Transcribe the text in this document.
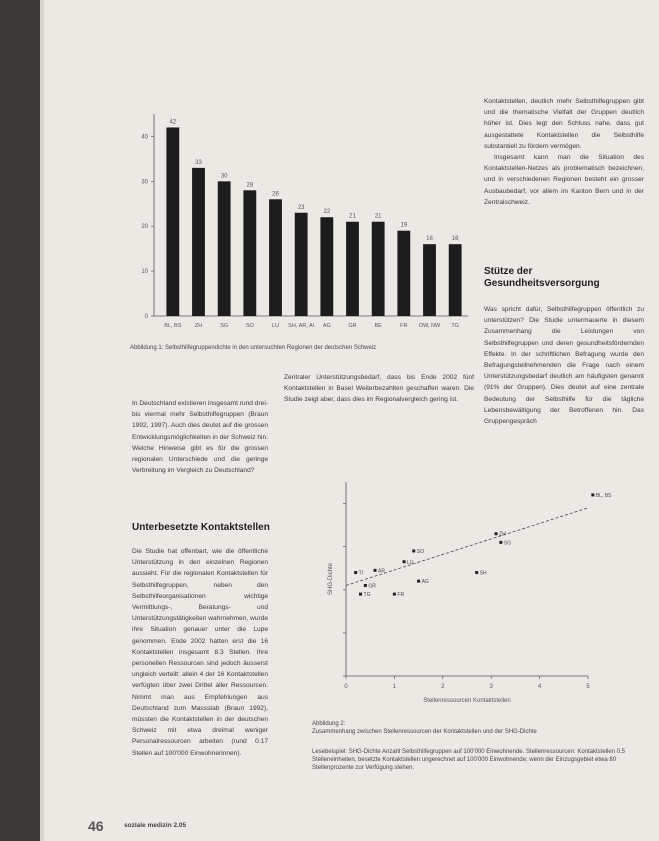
0
10
20
30
40
42
BL, BS
33
ZH
30
SG
28
SO
26
LU
23
SH, AR, AI
22
AG
21
GR
21
BE
19
FR
16
OW, NW
16
TG
Abbildung 1: Selbsthilfegruppendichte in den untersuchten Regionen der deutschen Schweiz

Kontaktstellen, deutlich mehr Selbsthilfegruppen gibt und die thematische Vielfalt der Gruppen deutlich höher ist. Dies legt den Schluss nahe, dass gut ausgestattete Kontaktstellen die Selbsthilfe substantiell zu fördern vermögen.

Insgesamt kann man die Situation des Kontaktstellen-Netzes als problematisch bezeichnen, und in verschiedenen Regionen besteht ein grosser Ausbaubedarf, vor allem im Kanton Bern und in der Zentralschweiz.

Stütze der Gesundheitsversorgung

Was spricht dafür, Selbsthilfegruppen öffentlich zu unterstützen? Die Studie untermauerte in diesem Zusammenhang die Leistungen von Selbsthilfegruppen und deren gesundheitsfördernden Effekte. In der schriftlichen Befragung wurde den Befragungsteilnehmenden die Frage nach einem Unterstützungsbedarf deutlich am häufigsten genannt (91% der Gruppen). Dies deutet auf eine zentrale Bedeutung der Selbsthilfe für die tägliche Lebensbewältigung der Betroffenen hin. Das Gruppengespräch

In Deutschland existieren insgesamt rund drei- bis viermal mehr Selbsthilfegruppen (Braun 1992, 1997). Auch dies deutet auf die grossen Entwicklungsmöglichkeiten in der Schweiz hin. Welche Hinweise gibt es für die grossen regionalen Unterschiede und die geringe Verbreitung im Vergleich zu Deutschland?

Zentraler Unterstützungsbedarf, dass bis Ende 2002 fünf Kontaktstellen in Basel Weiterbezahlten geschaffen waren. Die Studie zeigt aber, dass dies im Regionalvergleich gering ist.

Unterbesetzte Kontaktstellen

Die Studie hat offenbart, wie die öffentliche Unterstützung in den einzelnen Regionen aussieht. Für die regionalen Kontaktstellen für Selbsthilfegruppen, neben den Selbsthilfeorganisationen wichtige Vermittlungs-, Beratungs- und Unterstützungstätigkeiten wahrnehmen, wurde ihre Situation genauer unter die Lupe genommen. Ende 2002 hatten erst die 16 Kontaktstellen insgesamt 8.3 Stellen. Ihre personellen Ressourcen sind jedoch äusserst ungleich verteilt: allein 4 der 16 Kontaktstellen verfügten über zwei Drittel aller Ressourcen. Nimmt man aus Empfehlungen aus Deutschland zum Massstab (Braun 1992), müssten die Kontaktstellen in der deutschen Schweiz mit etwa dreimal weniger Personalressourcen arbeiten (rund 0.17 Stellen auf 100'000 Einwohnerinnen).

0	1	2	3	4	5
Stellenressourcen Kontaktstellen
SHG-Dichte
BL, BS
ZH
SG
SO
LU
SH
AR
TI
AG
GR
FR
TG
Abbildung 2:
Zusammenhang zwischen Stellenressourcen der Kontaktstellen und der SHG-Dichte
Lesebeispiel: SHG-Dichte Anzahl Selbsthilfegruppen auf 100'000 Einwohnende. Stellenressourcen: Kontaktstellen 0.5 Stelleneinheiten, besetzte Kontaktstellen ungerechnet auf 100'000 Einwohnende; wenn der Einzugsgebiet etwa 80 Stellenprozente zur Verfügung stehen.
46	soziale medizin 2.05
